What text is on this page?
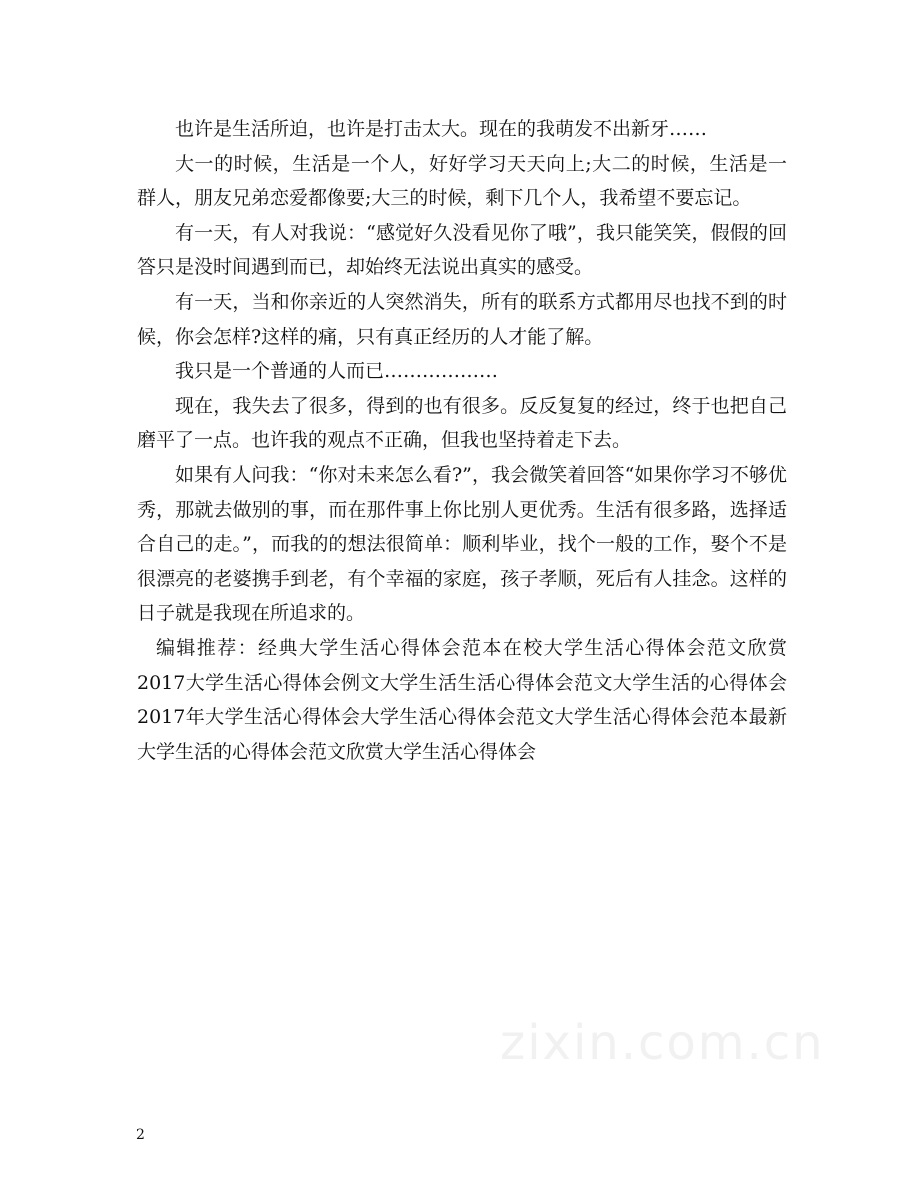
也许是生活所迫，也许是打击太大。现在的我萌发不出新牙……

大一的时候，生活是一个人，好好学习天天向上;大二的时候，生活是一群人，朋友兄弟恋爱都像要;大三的时候，剩下几个人，我希望不要忘记。

有一天，有人对我说：“感觉好久没看见你了哦”，我只能笑笑，假假的回答只是没时间遇到而已，却始终无法说出真实的感受。

有一天，当和你亲近的人突然消失，所有的联系方式都用尽也找不到的时候，你会怎样?这样的痛，只有真正经历的人才能了解。

我只是一个普通的人而已………………

现在，我失去了很多，得到的也有很多。反反复复的经过，终于也把自己磨平了一点。也许我的观点不正确，但我也坚持着走下去。

如果有人问我：“你对未来怎么看?”，我会微笑着回答“如果你学习不够优秀，那就去做别的事，而在那件事上你比别人更优秀。生活有很多路，选择适合自己的走。”，而我的的想法很简单：顺利毕业，找个一般的工作，娶个不是很漂亮的老婆携手到老，有个幸福的家庭，孩子孝顺，死后有人挂念。这样的日子就是我现在所追求的。

编辑推荐：经典大学生活心得体会范本在校大学生活心得体会范文欣赏2017大学生活心得体会例文大学生活生活心得体会范文大学生活的心得体会2017年大学生活心得体会大学生活心得体会范文大学生活心得体会范本最新大学生活的心得体会范文欣赏大学生活心得体会

zixin.com.cn
2
